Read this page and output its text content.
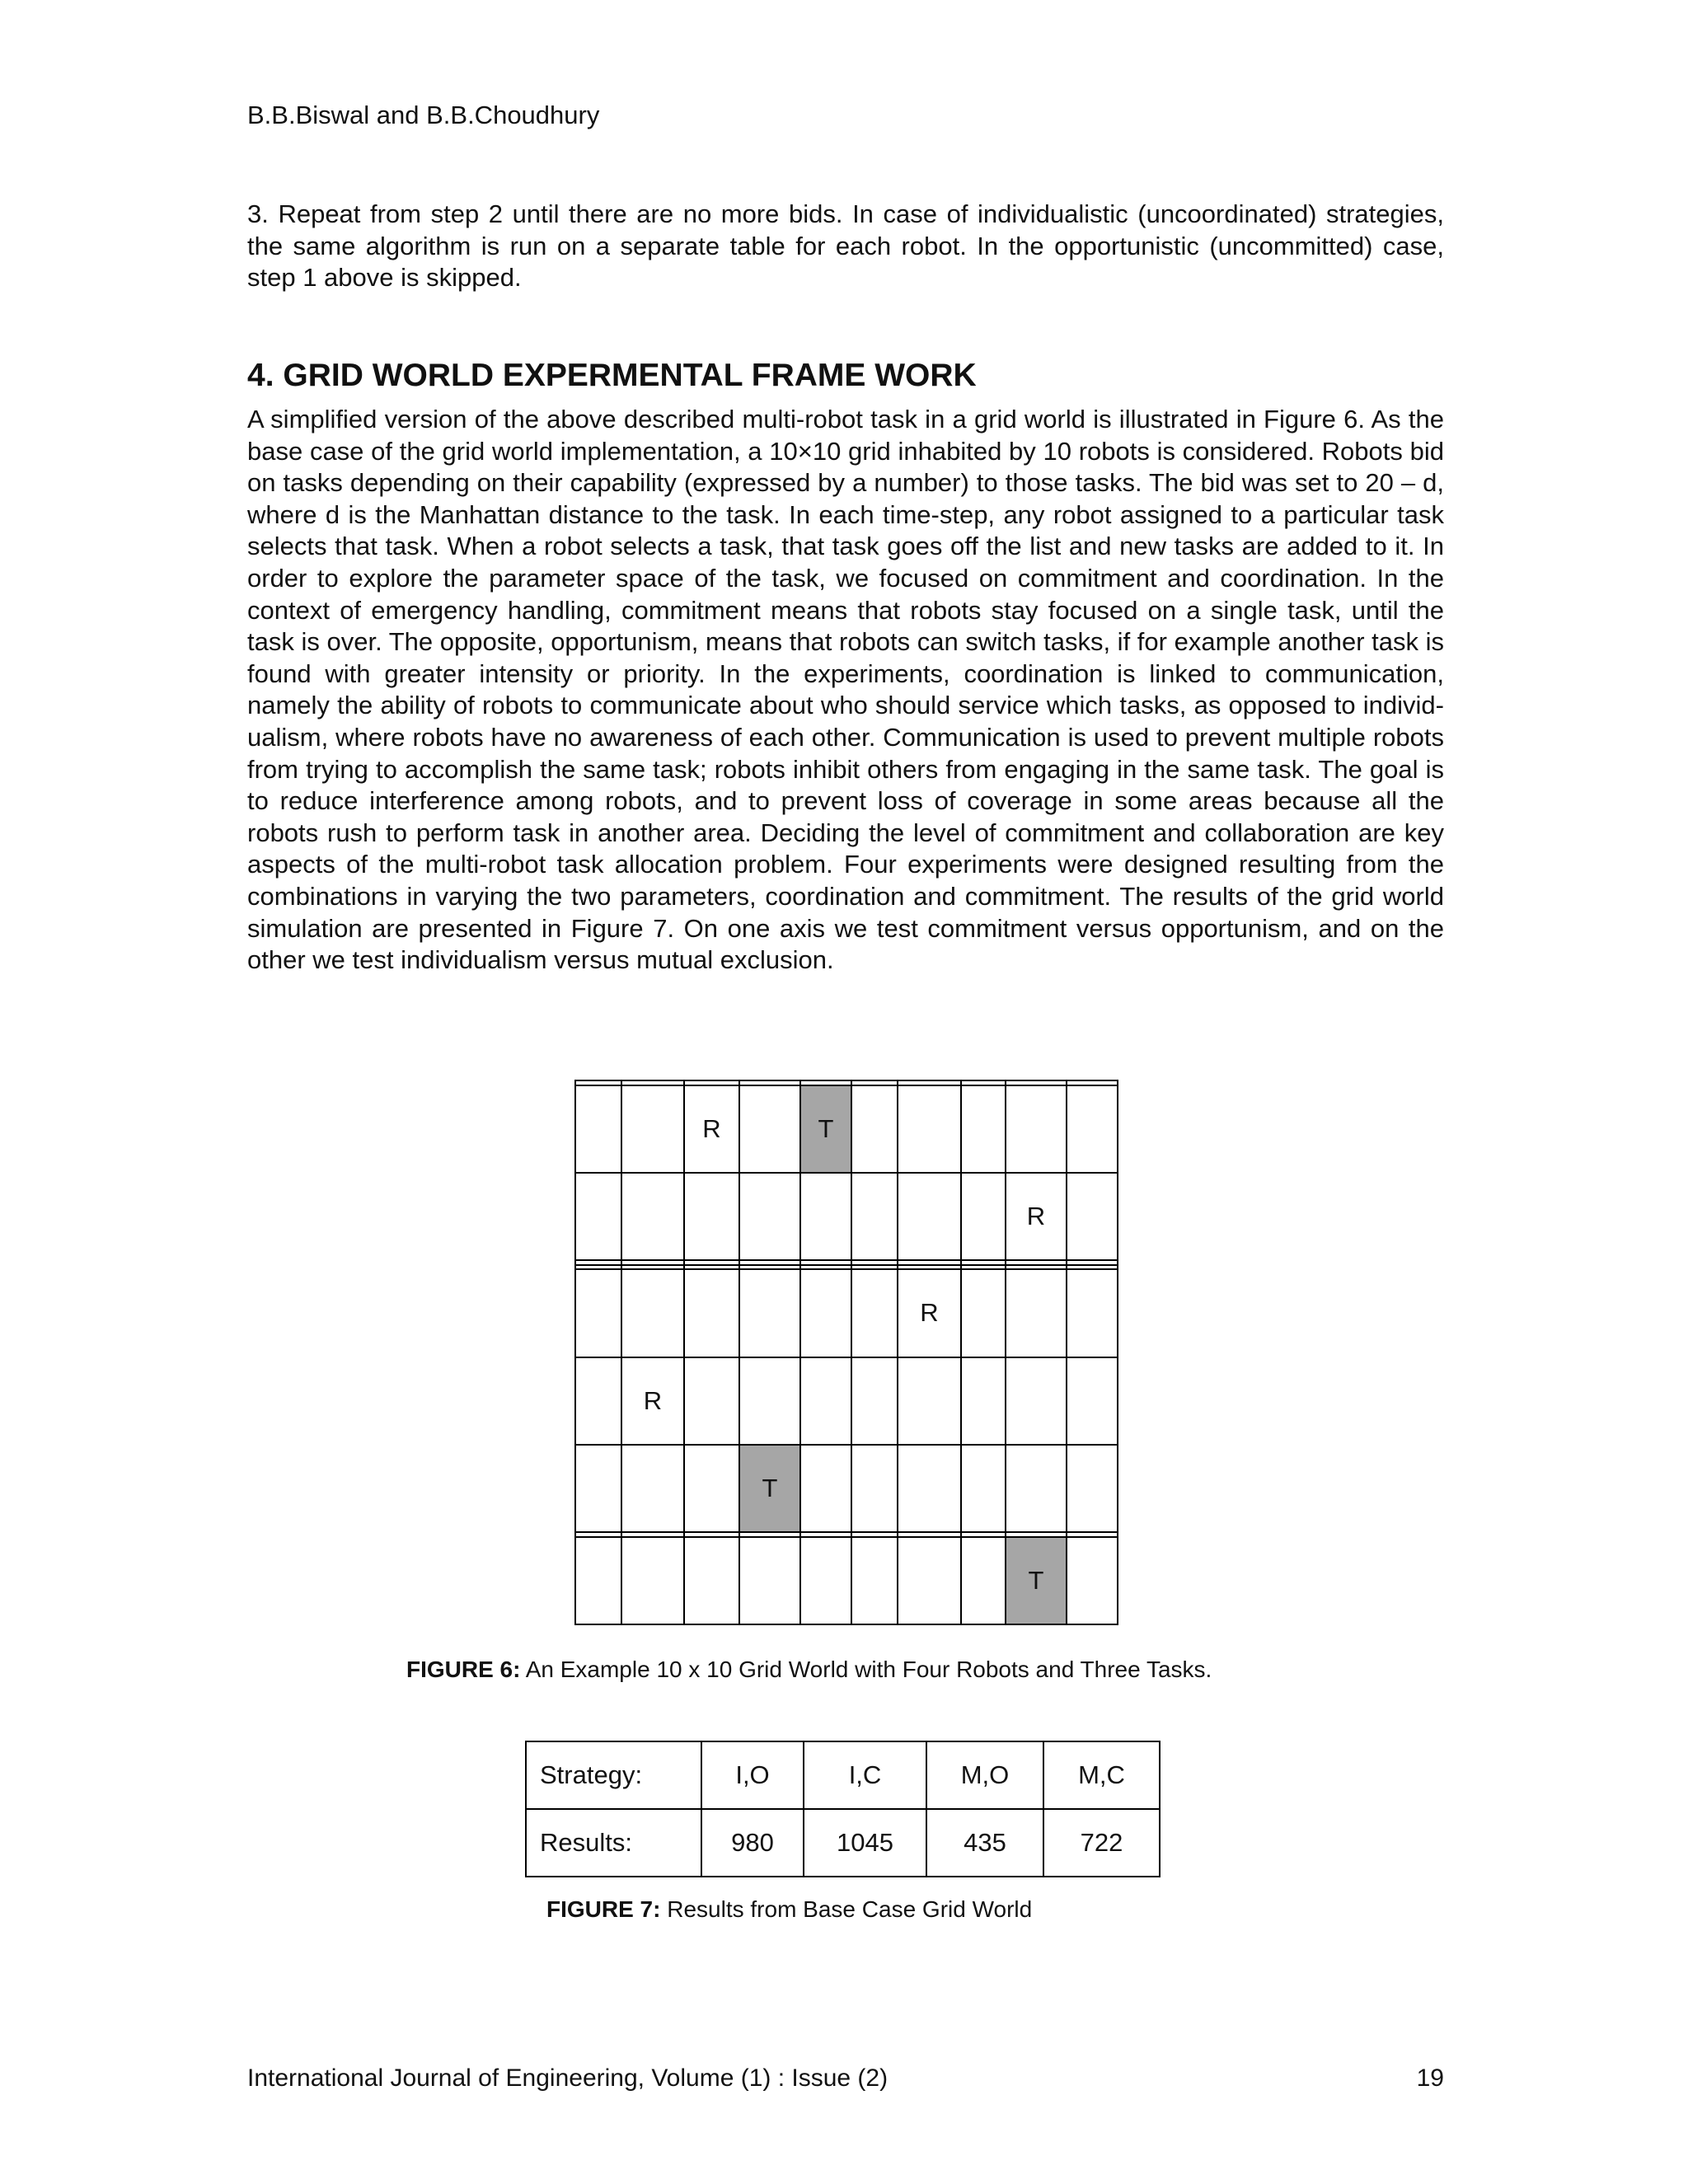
B.B.Biswal and B.B.Choudhury

3. Repeat from step 2 until there are no more bids. In case of individualistic (uncoordinated) strategies, the same algorithm is run on a separate table for each robot. In the opportunistic (uncommitted) case, step 1 above is skipped.

4. GRID WORLD EXPERMENTAL FRAME WORK

A simplified version of the above described multi-robot task in a grid world is illustrated in Figure 6. As the base case of the grid world implementation, a 10×10 grid inhabited by 10 robots is considered. Robots bid on tasks depending on their capability (expressed by a number) to those tasks. The bid was set to 20 – d, where d is the Manhattan distance to the task. In each time-step, any robot assigned to a particular task selects that task. When a robot selects a task, that task goes off the list and new tasks are added to it. In order to explore the parameter space of the task, we focused on commitment and coordination. In the context of emergency handling, commitment means that robots stay focused on a single task, until the task is over. The opposite, opportunism, means that robots can switch tasks, if for example another task is found with greater intensity or priority. In the experiments, coordination is linked to communication, namely the ability of robots to communicate about who should service which tasks, as opposed to individ-ualism, where robots have no awareness of each other. Communication is used to prevent multiple robots from trying to accomplish the same task; robots inhibit others from engaging in the same task. The goal is to reduce interference among robots, and to prevent loss of coverage in some areas because all the robots rush to perform task in another area. Deciding the level of commitment and collaboration are key aspects of the multi-robot task allocation problem. Four experiments were designed resulting from the combinations in varying the two parameters, coordination and commitment. The results of the grid world simulation are presented in Figure 7. On one axis we test commitment versus opportunism, and on the other we test individualism versus mutual exclusion.

		R		T					
								R	

						R			
	R								
			T						

								T	
FIGURE 6: An Example 10 x 10 Grid World with Four Robots and Three Tasks.
Strategy:	I,O	I,C	M,O	M,C
Results:	980	1045	435	722
FIGURE 7: Results from Base Case Grid World
International Journal of Engineering, Volume (1) : Issue (2)	19
